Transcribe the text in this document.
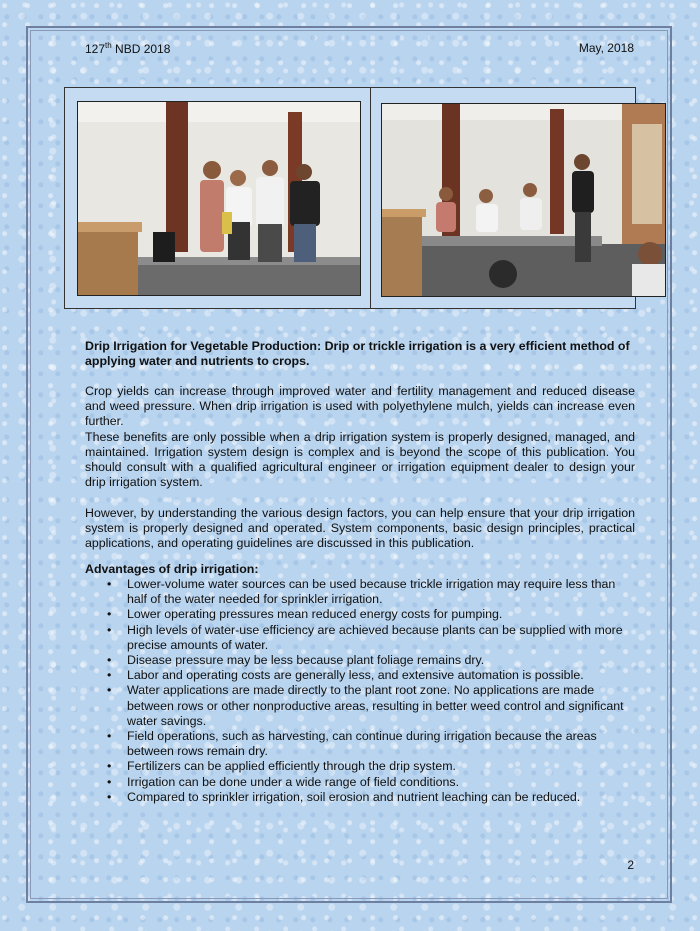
127th NBD 2018	May, 2018

Drip Irrigation for Vegetable Production: Drip or trickle irrigation is a very efficient method of applying water and nutrients to crops.

Crop yields can increase through improved water and fertility management and reduced disease and weed pressure. When drip irrigation is used with polyethylene mulch, yields can increase even further.

These benefits are only possible when a drip irrigation system is properly designed, managed, and maintained. Irrigation system design is complex and is beyond the scope of this publication. You should consult with a qualified agricultural engineer or irrigation equipment dealer to design your drip irrigation system.

However, by understanding the various design factors, you can help ensure that your drip irrigation system is properly designed and operated. System components, basic design principles, practical applications, and operating guidelines are discussed in this publication.

Advantages of drip irrigation:

• Lower-volume water sources can be used because trickle irrigation may require less than half of the water needed for sprinkler irrigation.
• Lower operating pressures mean reduced energy costs for pumping.
• High levels of water-use efficiency are achieved because plants can be supplied with more precise amounts of water.
• Disease pressure may be less because plant foliage remains dry.
• Labor and operating costs are generally less, and extensive automation is possible.
• Water applications are made directly to the plant root zone. No applications are made between rows or other nonproductive areas, resulting in better weed control and significant water savings.
• Field operations, such as harvesting, can continue during irrigation because the areas between rows remain dry.
• Fertilizers can be applied efficiently through the drip system.
• Irrigation can be done under a wide range of field conditions.
• Compared to sprinkler irrigation, soil erosion and nutrient leaching can be reduced.
2
